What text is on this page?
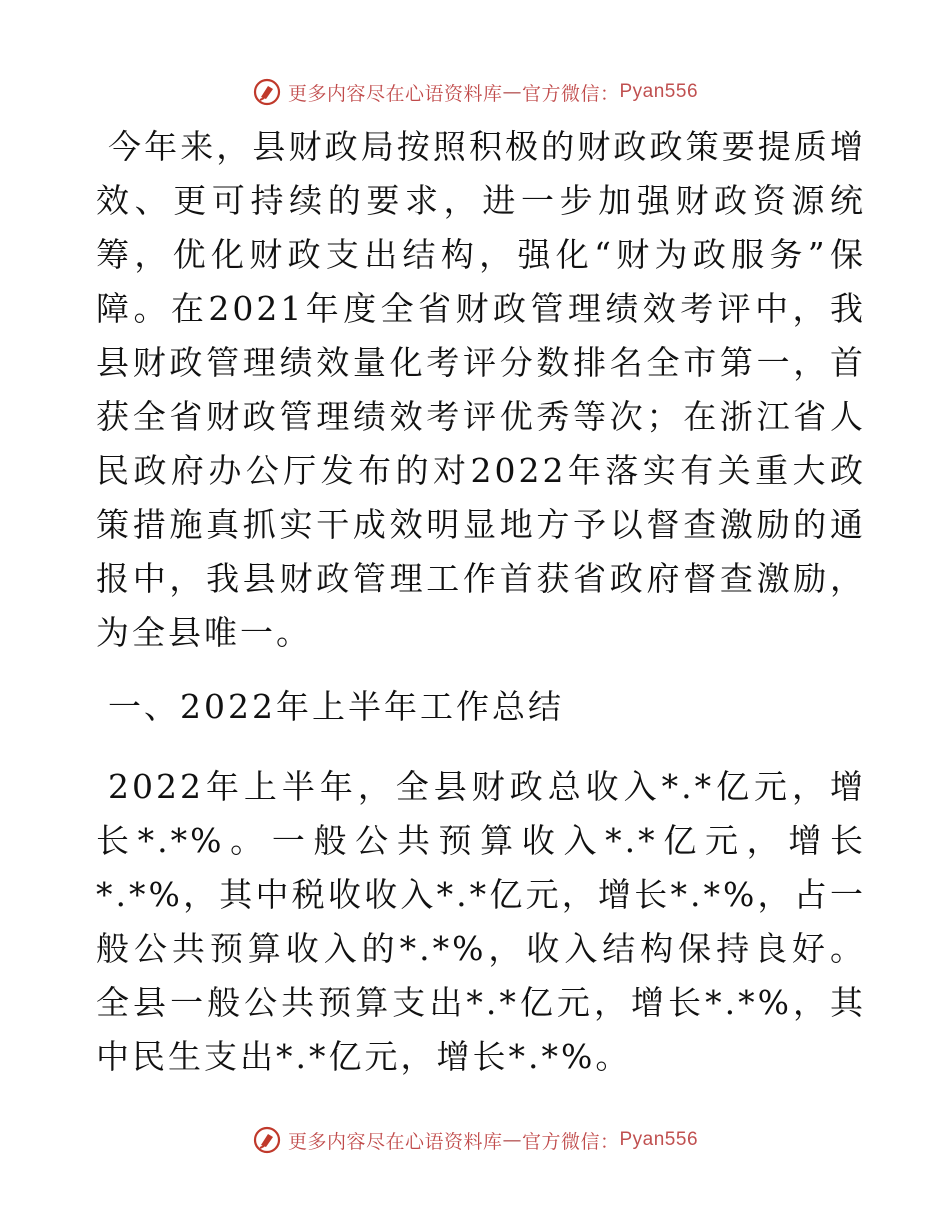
更多内容尽在心语资料库 — 官方微信： Pyan556

今年来，县财政局按照积极的财政政策要提质增效、更可持续的要求，进一步加强财政资源统筹，优化财政支出结构，强化“财为政服务”保障。在2021年度全省财政管理绩效考评中，我县财政管理绩效量化考评分数排名全市第一，首获全省财政管理绩效考评优秀等次；在浙江省人民政府办公厅发布的对2022年落实有关重大政策措施真抓实干成效明显地方予以督查激励的通报中，我县财政管理工作首获省政府督查激励，为全县唯一。

一、2022年上半年工作总结

2022年上半年，全县财政总收入*.*亿元，增长*.*%。一般公共预算收入*.*亿元，增长*.*%，其中税收收入*.*亿元，增长*.*%，占一般公共预算收入的*.*%，收入结构保持良好。全县一般公共预算支出*.*亿元，增长*.*%，其中民生支出*.*亿元，增长*.*%。

更多内容尽在心语资料库 — 官方微信： Pyan556
